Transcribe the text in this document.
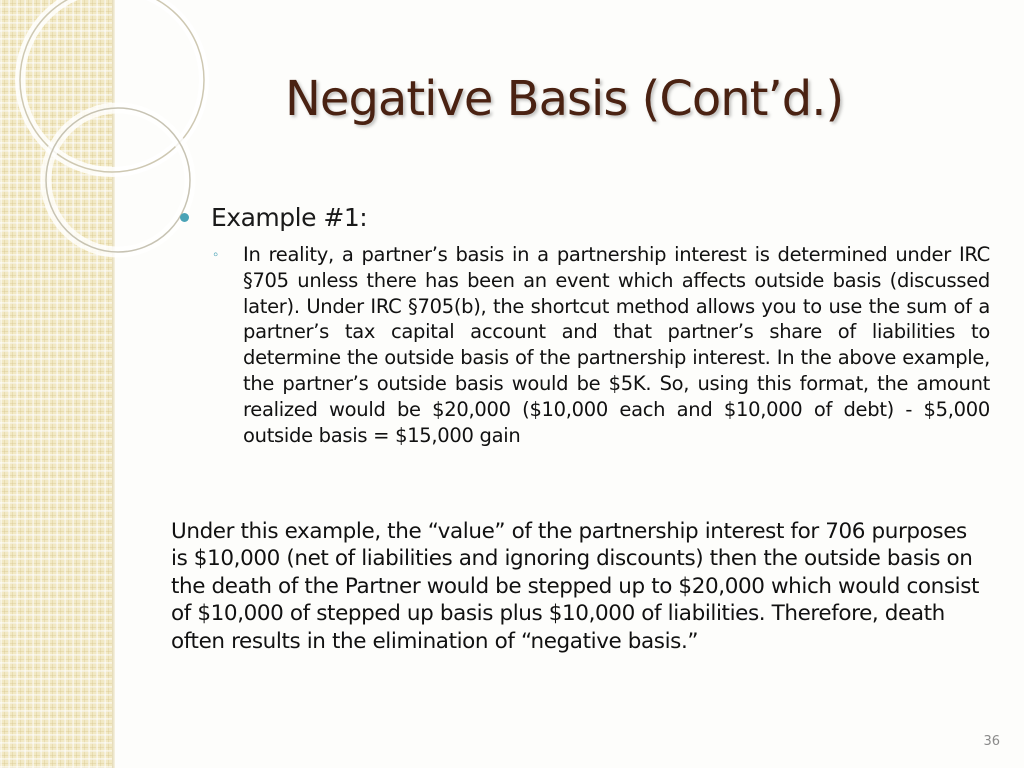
Negative Basis (Cont’d.)
Example #1:
◦ In reality, a partner’s basis in a partnership interest is determined under IRC §705 unless there has been an event which affects outside basis (discussed later). Under IRC §705(b), the shortcut method allows you to use the sum of a partner’s tax capital account and that partner’s share of liabilities to determine the outside basis of the partnership interest. In the above example, the partner’s outside basis would be $5K. So, using this format, the amount realized would be $20,000 ($10,000 each and $10,000 of debt) - $5,000 outside basis = $15,000 gain

Under this example, the “value” of the partnership interest for 706 purposes is $10,000 (net of liabilities and ignoring discounts) then the outside basis on the death of the Partner would be stepped up to $20,000 which would consist of $10,000 of stepped up basis plus $10,000 of liabilities. Therefore, death often results in the elimination of “negative basis.”

36
